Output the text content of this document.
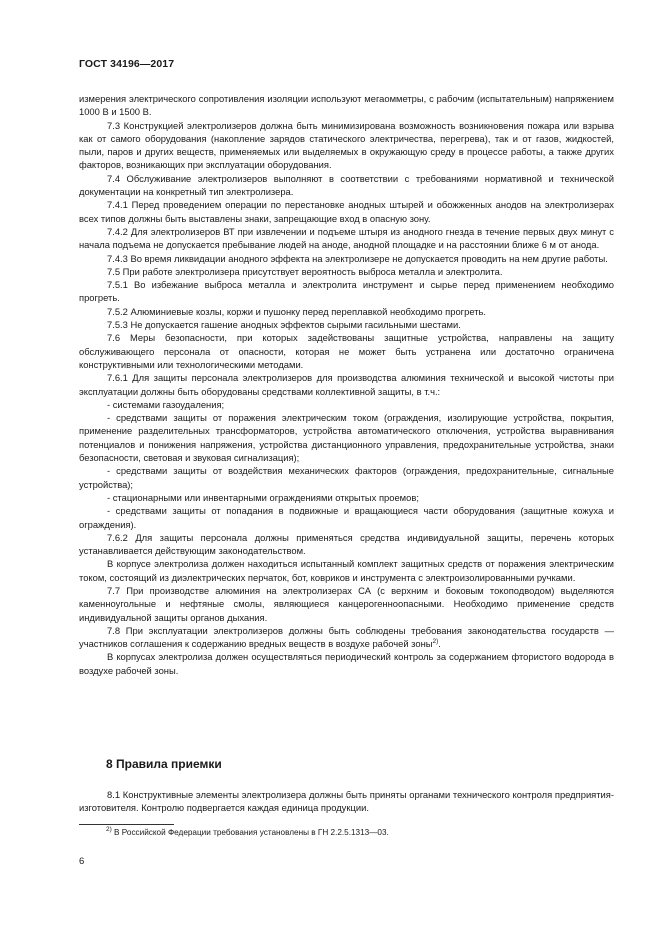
ГОСТ 34196—2017

измерения электрического сопротивления изоляции используют мегаомметры, с рабочим (испытательным) напряжением 1000 В и 1500 В.

7.3 Конструкцией электролизеров должна быть минимизирована возможность возникновения пожара или взрыва как от самого оборудования (накопление зарядов статического электричества, перегрева), так и от газов, жидкостей, пыли, паров и других веществ, применяемых или выделяемых в окружающую среду в процессе работы, а также других факторов, возникающих при эксплуатации оборудования.

7.4 Обслуживание электролизеров выполняют в соответствии с требованиями нормативной и технической документации на конкретный тип электролизера.

7.4.1 Перед проведением операции по перестановке анодных штырей и обожженных анодов на электролизерах всех типов должны быть выставлены знаки, запрещающие вход в опасную зону.

7.4.2 Для электролизеров ВТ при извлечении и подъеме штыря из анодного гнезда в течение первых двух минут с начала подъема не допускается пребывание людей на аноде, анодной площадке и на расстоянии ближе 6 м от анода.

7.4.3 Во время ликвидации анодного эффекта на электролизере не допускается проводить на нем другие работы.

7.5 При работе электролизера присутствует вероятность выброса металла и электролита.

7.5.1 Во избежание выброса металла и электролита инструмент и сырье перед применением необходимо прогреть.

7.5.2 Алюминиевые козлы, коржи и пушонку перед переплавкой необходимо прогреть.

7.5.3 Не допускается гашение анодных эффектов сырыми гасильными шестами.

7.6 Меры безопасности, при которых задействованы защитные устройства, направлены на защиту обслуживающего персонала от опасности, которая не может быть устранена или достаточно ограничена конструктивными или технологическими методами.

7.6.1 Для защиты персонала электролизеров для производства алюминия технической и высокой чистоты при эксплуатации должны быть оборудованы средствами коллективной защиты, в т.ч.:

- системами газоудаления;

- средствами защиты от поражения электрическим током (ограждения, изолирующие устройства, покрытия, применение разделительных трансформаторов, устройства автоматического отключения, устройства выравнивания потенциалов и понижения напряжения, устройства дистанционного управления, предохранительные устройства, знаки безопасности, световая и звуковая сигнализация);

- средствами защиты от воздействия механических факторов (ограждения, предохранительные, сигнальные устройства);

- стационарными или инвентарными ограждениями открытых проемов;

- средствами защиты от попадания в подвижные и вращающиеся части оборудования (защитные кожуха и ограждения).

7.6.2 Для защиты персонала должны применяться средства индивидуальной защиты, перечень которых устанавливается действующим законодательством.

В корпусе электролиза должен находиться испытанный комплект защитных средств от поражения электрическим током, состоящий из диэлектрических перчаток, бот, ковриков и инструмента с электроизолированными ручками.

7.7 При производстве алюминия на электролизерах СА (с верхним и боковым токоподводом) выделяются каменноугольные и нефтяные смолы, являющиеся канцерогенноопасными. Необходимо применение средств индивидуальной защиты органов дыхания.

7.8 При эксплуатации электролизеров должны быть соблюдены требования законодательства государств — участников соглашения к содержанию вредных веществ в воздухе рабочей зоны$^{2)}$.

В корпусах электролиза должен осуществляться периодический контроль за содержанием фтористого водорода в воздухе рабочей зоны.

8 Правила приемки

8.1 Конструктивные элементы электролизера должны быть приняты органами технического контроля предприятия-изготовителя. Контролю подвергается каждая единица продукции.

$^{2)}$ В Российской Федерации требования установлены в ГН 2.2.5.1313—03.
6
